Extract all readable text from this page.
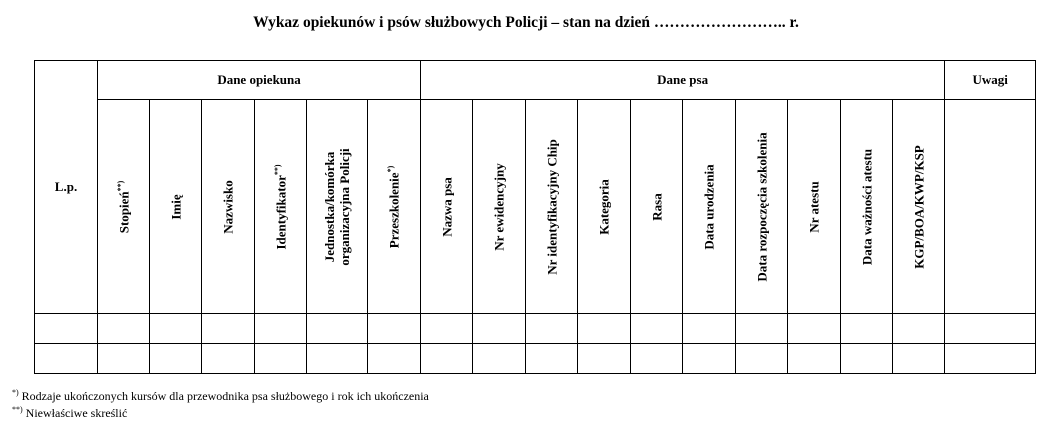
Wykaz opiekunów i psów służbowych Policji – stan na dzień …………………….. r.
L.p.	Dane opiekuna						Dane psa										Uwagi

	Stopień**)	Imię	Nazwisko	Identyfikator**)	Jednostka/komórka
organizacyjna Policji	Przeszkolenie*)	Nazwa psa	Nr ewidencyjny	Nr identyfikacyjny Chip	Kategoria	Rasa	Data urodzenia	Data rozpoczęcia szkolenia	Nr atestu	Data ważności atestu	KGP/BOA/KWP/KSP	

*) Rodzaje ukończonych kursów dla przewodnika psa służbowego i rok ich ukończenia
**) Niewłaściwe skreślić
